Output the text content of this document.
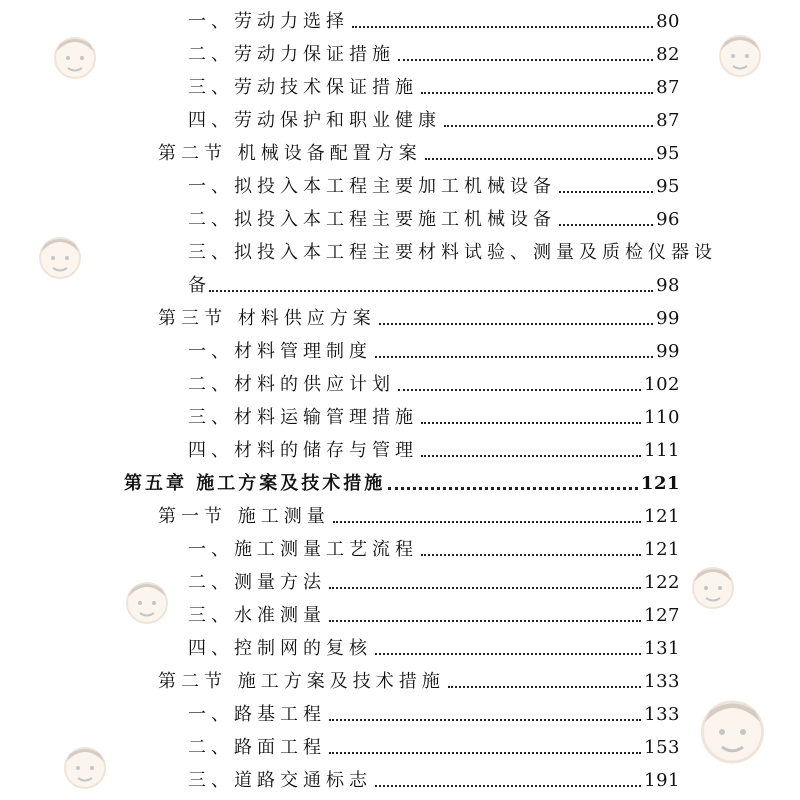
一、劳动力选择	80
二、劳动力保证措施	82
三、劳动技术保证措施	87
四、劳动保护和职业健康	87
第二节 机械设备配置方案	95
一、拟投入本工程主要加工机械设备	95
二、拟投入本工程主要施工机械设备	96
三、拟投入本工程主要材料试验、测量及质检仪器设
备	98
第三节 材料供应方案	99
一、材料管理制度	99
二、材料的供应计划	102
三、材料运输管理措施	110
四、材料的储存与管理	111
第五章 施工方案及技术措施	121
第一节 施工测量	121
一、施工测量工艺流程	121
二、测量方法	122
三、水准测量	127
四、控制网的复核	131
第二节 施工方案及技术措施	133
一、路基工程	133
二、路面工程	153
三、道路交通标志	191
